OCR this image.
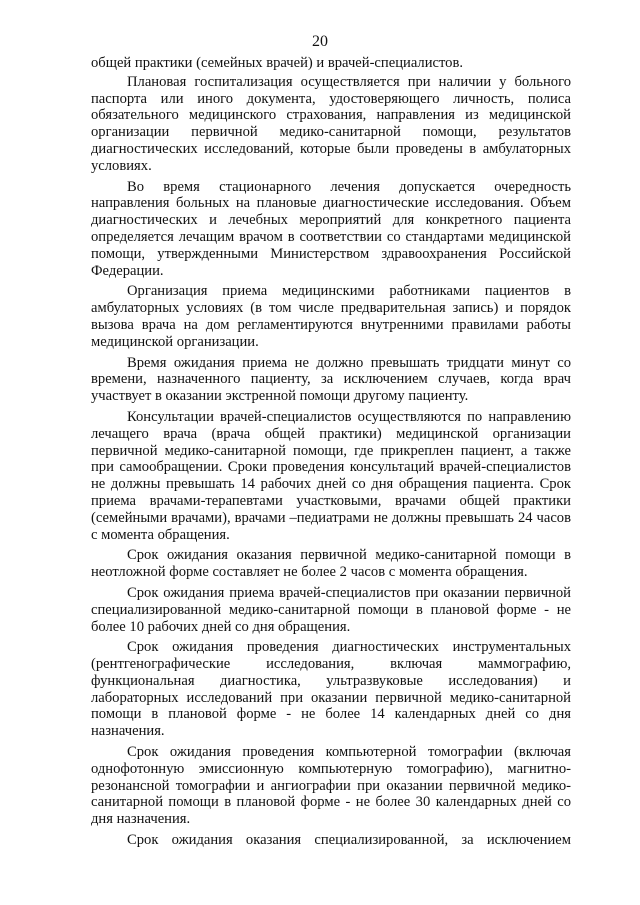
20

общей практики (семейных врачей) и врачей-специалистов.

Плановая госпитализация осуществляется при наличии у больного паспорта или иного документа, удостоверяющего личность, полиса обязательного медицинского страхования, направления из медицинской организации первичной медико-санитарной помощи, результатов диагностических исследований, которые были проведены в амбулаторных условиях.

Во время стационарного лечения допускается очередность направления больных на плановые диагностические исследования. Объем диагностических и лечебных мероприятий для конкретного пациента определяется лечащим врачом в соответствии со стандартами медицинской помощи, утвержденными Министерством здравоохранения Российской Федерации.

Организация приема медицинскими работниками пациентов в амбулаторных условиях (в том числе предварительная запись) и порядок вызова врача на дом регламентируются внутренними правилами работы медицинской организации.

Время ожидания приема не должно превышать тридцати минут со времени, назначенного пациенту, за исключением случаев, когда врач участвует в оказании экстренной помощи другому пациенту.

Консультации врачей-специалистов осуществляются по направлению лечащего врача (врача общей практики) медицинской организации первичной медико-санитарной помощи, где прикреплен пациент, а также при самообращении. Сроки проведения консультаций врачей-специалистов не должны превышать 14 рабочих дней со дня обращения пациента. Срок приема врачами-терапевтами участковыми, врачами общей практики (семейными врачами), врачами –педиатрами не должны превышать 24 часов с момента обращения.

Срок ожидания оказания первичной медико-санитарной помощи в неотложной форме составляет не более 2 часов с момента обращения.

Срок ожидания приема врачей-специалистов при оказании первичной специализированной медико-санитарной помощи в плановой форме - не более 10 рабочих дней со дня обращения.

Срок ожидания проведения диагностических инструментальных (рентгенографические исследования, включая маммографию, функциональная диагностика, ультразвуковые исследования) и лабораторных исследований при оказании первичной медико-санитарной помощи в плановой форме - не более 14 календарных дней со дня назначения.

Срок ожидания проведения компьютерной томографии (включая однофотонную эмиссионную компьютерную томографию), магнитно-резонансной томографии и ангиографии при оказании первичной медико-санитарной помощи в плановой форме - не более 30 календарных дней со дня назначения.

Срок ожидания оказания специализированной, за исключением
